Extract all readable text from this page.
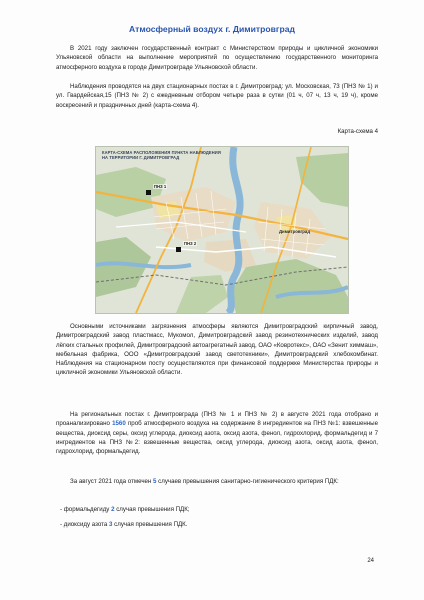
Атмосферный воздух г. Димитровград

В 2021 году заключен государственный контракт с Министерством природы и цикличной экономики Ульяновской области на выполнение мероприятий по осуществлению государственного мониторинга атмосферного воздуха в городе Димитровграде Ульяновской области.

Наблюдения проводятся на двух стационарных постах в г. Димитровград: ул. Московская, 73 (ПНЗ № 1) и ул. Гвардейская,15 (ПНЗ № 2) с ежедневным отбором четыре раза в сутки (01 ч, 07 ч, 13 ч, 19 ч), кроме воскресений и праздничных дней (карта-схема 4).

Карта-схема 4
КАРТА-СХЕМА РАСПОЛОЖЕНИЯ ПУНКТА НАБЛЮДЕНИЯ
НА ТЕРРИТОРИИ Г. ДИМИТРОВГРАД
ПНЗ 1
ПНЗ 2
Димитровград

Основными источниками загрязнения атмосферы являются Димитровградский кирпичный завод, Димитровградский завод пластмасс, Мукомол, Димитровградский завод резинотехнических изделий, завод лёгких стальных профилей, Димитровградский автоагрегатный завод, ОАО «Ковротекс», ОАО «Зенит химмаш», мебельная фабрика, ООО «Димитровградский завод светотехники», Димитровградский хлебокомбинат. Наблюдения на стационарном посту осуществляются при финансовой поддержке Министерства природы и цикличной экономики Ульяновской области.

На региональных постах г. Димитровграда (ПНЗ № 1 и ПНЗ № 2) в августе 2021 года отобрано и проанализировано 1560 проб атмосферного воздуха на содержание 8 ингредиентов на ПНЗ №1: взвешенные вещества, диоксид серы, оксид углерода, диоксид азота, оксид азота, фенол, гидрохлорид, формальдегид и 7 ингредиентов на ПНЗ №2: взвешенные вещества, оксид углерода, диоксид азота, оксид азота, фенол, гидрохлорид, формальдегид.

За август 2021 года отмечен 5 случаев превышения санитарно-гигиенического критерия ПДК:

- формальдегиду 2 случая превышения ПДК;
- диоксиду азота 3 случая превышения ПДК.
24
